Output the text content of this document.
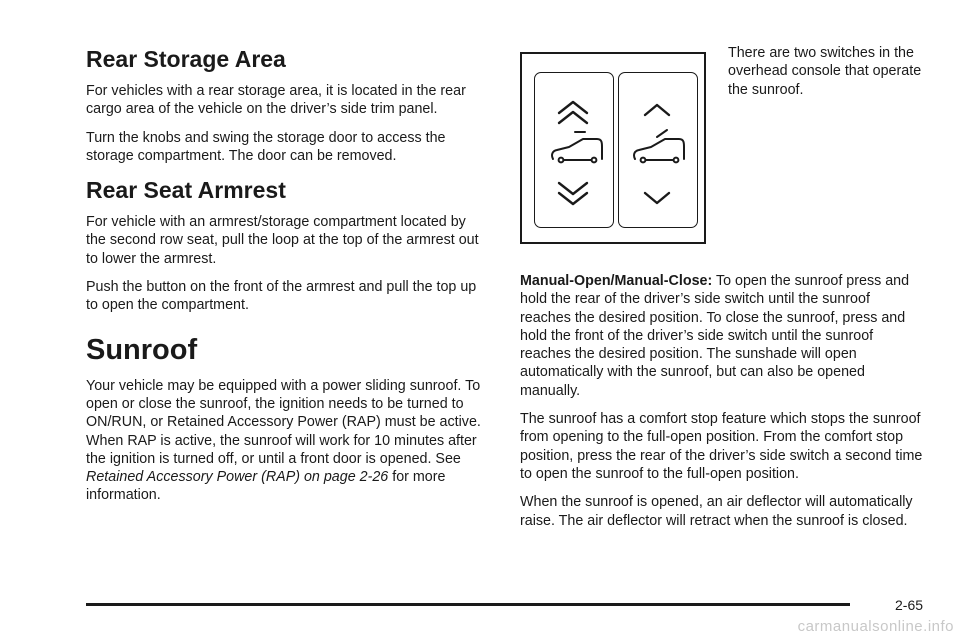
Rear Storage Area

For vehicles with a rear storage area, it is located in the rear cargo area of the vehicle on the driver’s side trim panel.

Turn the knobs and swing the storage door to access the storage compartment. The door can be removed.

Rear Seat Armrest

For vehicle with an armrest/storage compartment located by the second row seat, pull the loop at the top of the armrest out to lower the armrest.

Push the button on the front of the armrest and pull the top up to open the compartment.

Sunroof

Your vehicle may be equipped with a power sliding sunroof. To open or close the sunroof, the ignition needs to be turned to ON/RUN, or Retained Accessory Power (RAP) must be active. When RAP is active, the sunroof will work for 10 minutes after the ignition is turned off, or until a front door is opened. See Retained Accessory Power (RAP) on page 2-26 for more information.

There are two switches in the overhead console that operate the sunroof.

Manual-Open/Manual-Close: To open the sunroof press and hold the rear of the driver’s side switch until the sunroof reaches the desired position. To close the sunroof, press and hold the front of the driver’s side switch until the sunroof reaches the desired position. The sunshade will open automatically with the sunroof, but can also be opened manually.

The sunroof has a comfort stop feature which stops the sunroof from opening to the full-open position. From the comfort stop position, press the rear of the driver’s side switch a second time to open the sunroof to the full-open position.

When the sunroof is opened, an air deflector will automatically raise. The air deflector will retract when the sunroof is closed.

2-65
carmanualsonline.info
